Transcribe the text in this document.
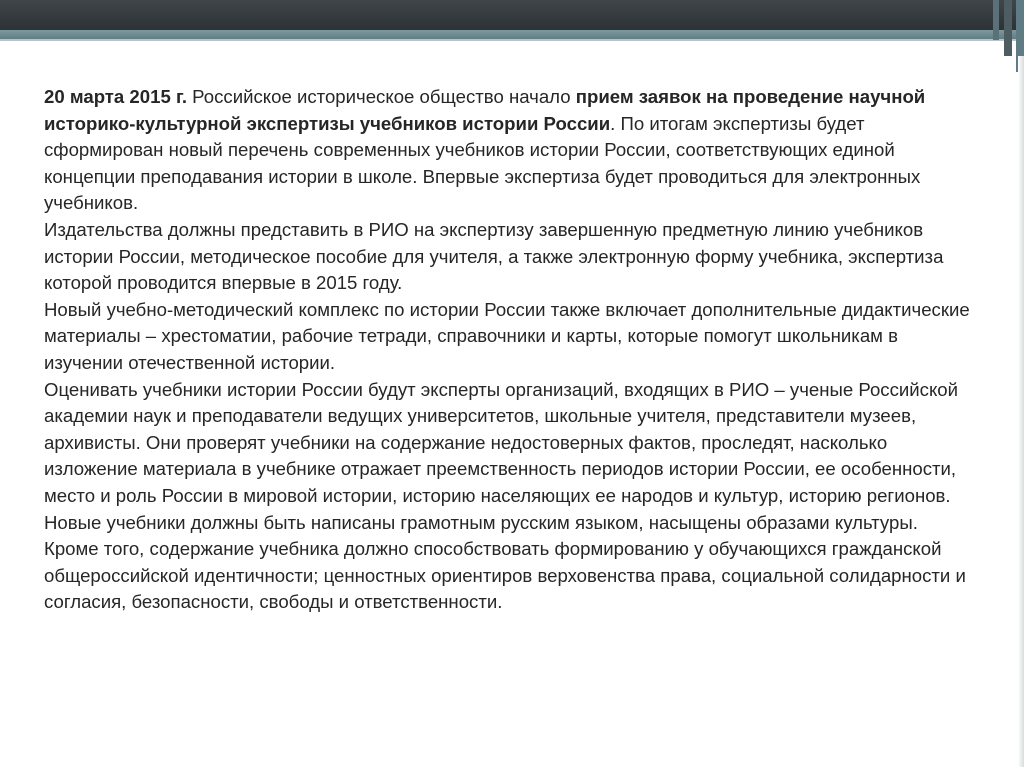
20 марта 2015 г. Российское историческое общество начало прием заявок на проведение научной историко-культурной экспертизы учебников истории России. По итогам экспертизы будет сформирован новый перечень современных учебников истории России, соответствующих единой концепции преподавания истории в школе. Впервые экспертиза будет проводиться для электронных учебников.

Издательства должны представить в РИО на экспертизу завершенную предметную линию учебников истории России, методическое пособие для учителя, а также электронную форму учебника, экспертиза которой проводится впервые в 2015 году.

Новый учебно-методический комплекс по истории России также включает дополнительные дидактические материалы – хрестоматии, рабочие тетради, справочники и карты, которые помогут школьникам в изучении отечественной истории.

Оценивать учебники истории России будут эксперты организаций, входящих в РИО – ученые Российской академии наук и преподаватели ведущих университетов, школьные учителя, представители музеев, архивисты. Они проверят учебники на содержание недостоверных фактов, проследят, насколько изложение материала в учебнике отражает преемственность периодов истории России, ее особенности, место и роль России в мировой истории, историю населяющих ее народов и культур, историю регионов.

Новые учебники должны быть написаны грамотным русским языком, насыщены образами культуры. Кроме того, содержание учебника должно способствовать формированию у обучающихся гражданской общероссийской идентичности; ценностных ориентиров верховенства права, социальной солидарности и согласия, безопасности, свободы и ответственности.
